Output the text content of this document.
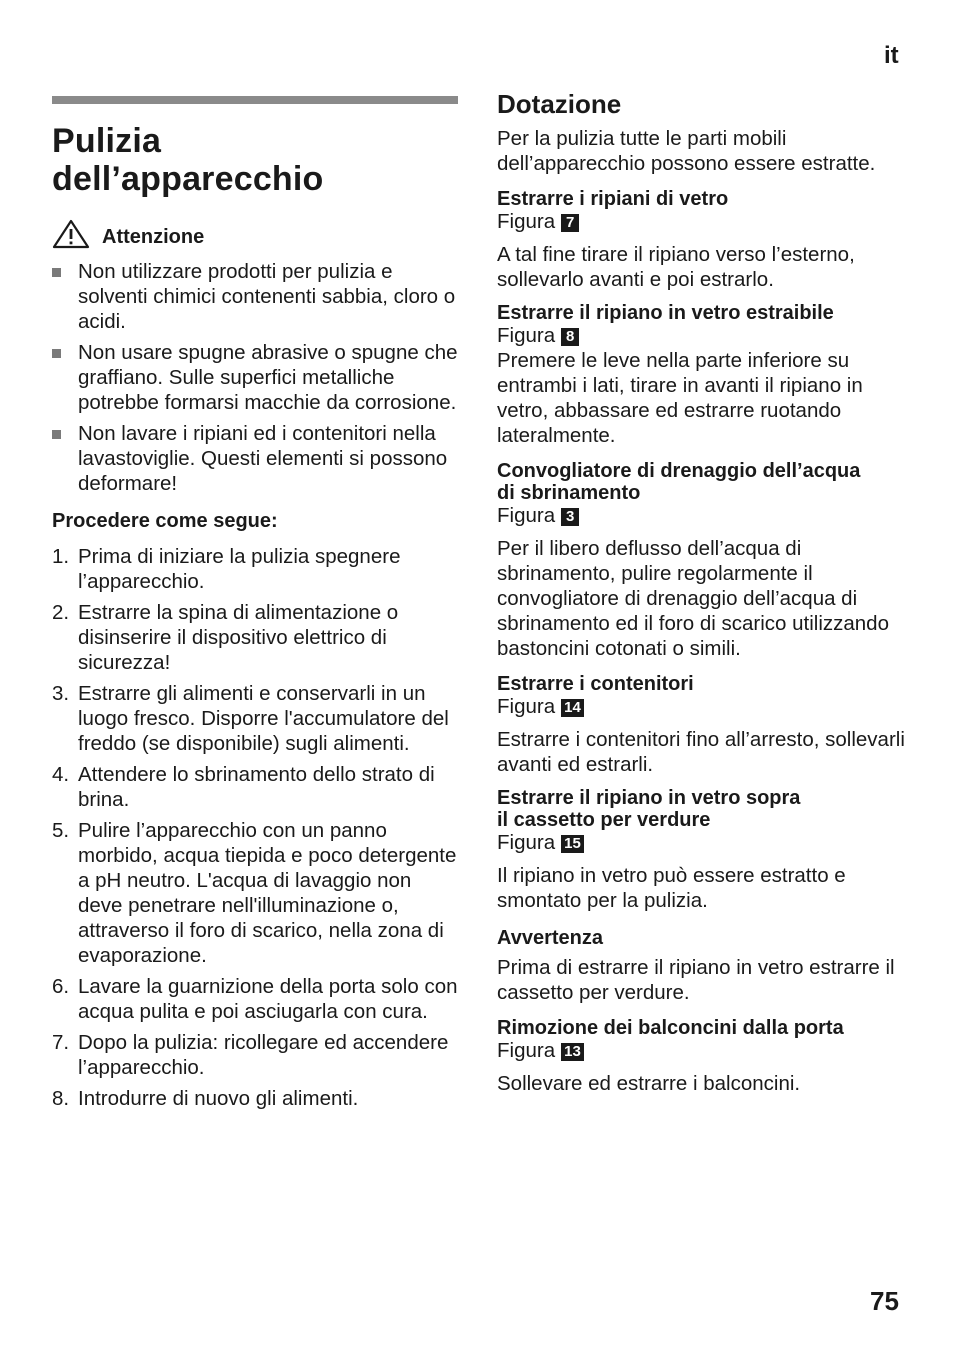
it
Pulizia
dell’apparecchio
Attenzione
Non utilizzare prodotti per pulizia e solventi chimici contenenti sabbia, cloro o acidi.
Non usare spugne abrasive o spugne che graffiano. Sulle superfici metalliche potrebbe formarsi macchie da corrosione.
Non lavare i ripiani ed i contenitori nella lavastoviglie. Questi elementi si possono deformare!
Procedere come segue:
1. Prima di iniziare la pulizia spegnere l’apparecchio.
2. Estrarre la spina di alimentazione o disinserire il dispositivo elettrico di sicurezza!
3. Estrarre gli alimenti e conservarli in un luogo fresco. Disporre l'accumulatore del freddo (se disponibile) sugli alimenti.
4. Attendere lo sbrinamento dello strato di brina.
5. Pulire l’apparecchio con un panno morbido, acqua tiepida e poco detergente a pH neutro. L'acqua di lavaggio non deve penetrare nell'illuminazione o, attraverso il foro di scarico, nella zona di evaporazione.
6. Lavare la guarnizione della porta solo con acqua pulita e poi asciugarla con cura.
7. Dopo la pulizia: ricollegare ed accendere l’apparecchio.
8. Introdurre di nuovo gli alimenti.
Dotazione
Per la pulizia tutte le parti mobili dell’apparecchio possono essere estratte.
Estrarre i ripiani di vetro
Figura 7
A tal fine tirare il ripiano verso l’esterno, sollevarlo avanti e poi estrarlo.
Estrarre il ripiano in vetro estraibile
Figura 8
Premere le leve nella parte inferiore su entrambi i lati, tirare in avanti il ripiano in vetro, abbassare ed estrarre ruotando lateralmente.
Convogliatore di drenaggio dell’acqua
di sbrinamento
Figura 3
Per il libero deflusso dell’acqua di sbrinamento, pulire regolarmente il convogliatore di drenaggio dell’acqua di sbrinamento ed il foro di scarico utilizzando bastoncini cotonati o simili.
Estrarre i contenitori
Figura 14
Estrarre i contenitori fino all’arresto, sollevarli avanti ed estrarli.
Estrarre il ripiano in vetro sopra
il cassetto per verdure
Figura 15
Il ripiano in vetro può essere estratto e smontato per la pulizia.
Avvertenza
Prima di estrarre il ripiano in vetro estrarre il cassetto per verdure.
Rimozione dei balconcini dalla porta
Figura 13
Sollevare ed estrarre i balconcini.
75
